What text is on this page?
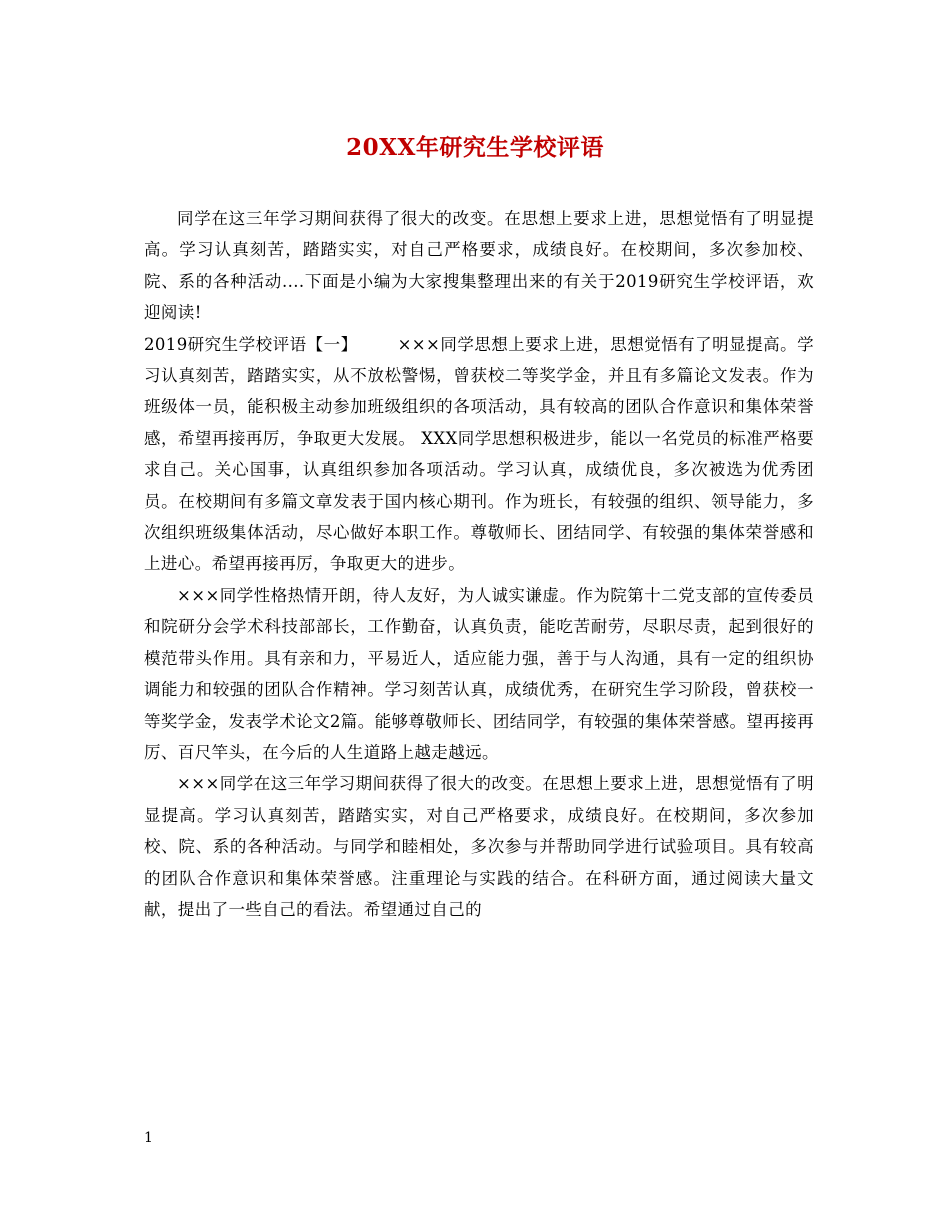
20XX年研究生学校评语

同学在这三年学习期间获得了很大的改变。在思想上要求上进，思想觉悟有了明显提高。学习认真刻苦，踏踏实实，对自己严格要求，成绩良好。在校期间，多次参加校、院、系的各种活动....下面是小编为大家搜集整理出来的有关于2019研究生学校评语，欢迎阅读!

2019研究生学校评语【一】 ×××同学思想上要求上进，思想觉悟有了明显提高。学习认真刻苦，踏踏实实，从不放松警惕，曾获校二等奖学金，并且有多篇论文发表。作为班级体一员，能积极主动参加班级组织的各项活动，具有较高的团队合作意识和集体荣誉感，希望再接再厉，争取更大发展。 XXX同学思想积极进步，能以一名党员的标准严格要求自己。关心国事，认真组织参加各项活动。学习认真，成绩优良，多次被选为优秀团员。在校期间有多篇文章发表于国内核心期刊。作为班长，有较强的组织、领导能力，多次组织班级集体活动，尽心做好本职工作。尊敬师长、团结同学、有较强的集体荣誉感和上进心。希望再接再厉，争取更大的进步。

×××同学性格热情开朗，待人友好，为人诚实谦虚。作为院第十二党支部的宣传委员和院研分会学术科技部部长，工作勤奋，认真负责，能吃苦耐劳，尽职尽责，起到很好的模范带头作用。具有亲和力，平易近人，适应能力强，善于与人沟通，具有一定的组织协调能力和较强的团队合作精神。学习刻苦认真，成绩优秀，在研究生学习阶段，曾获校一等奖学金，发表学术论文2篇。能够尊敬师长、团结同学，有较强的集体荣誉感。望再接再厉、百尺竿头，在今后的人生道路上越走越远。

×××同学在这三年学习期间获得了很大的改变。在思想上要求上进，思想觉悟有了明显提高。学习认真刻苦，踏踏实实，对自己严格要求，成绩良好。在校期间，多次参加校、院、系的各种活动。与同学和睦相处，多次参与并帮助同学进行试验项目。具有较高的团队合作意识和集体荣誉感。注重理论与实践的结合。在科研方面，通过阅读大量文献，提出了一些自己的看法。希望通过自己的

1
